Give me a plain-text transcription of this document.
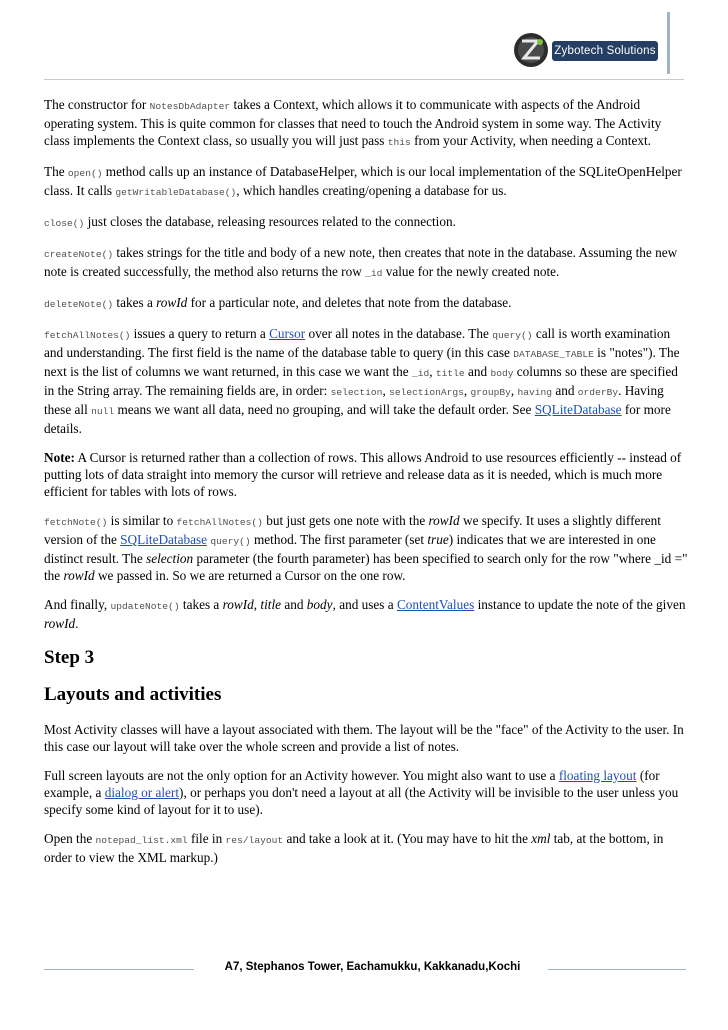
Zybotech Solutions

The constructor for NotesDbAdapter takes a Context, which allows it to communicate with aspects of the Android operating system. This is quite common for classes that need to touch the Android system in some way. The Activity class implements the Context class, so usually you will just pass this from your Activity, when needing a Context.

The open() method calls up an instance of DatabaseHelper, which is our local implementation of the SQLiteOpenHelper class. It calls getWritableDatabase(), which handles creating/opening a database for us.

close() just closes the database, releasing resources related to the connection.

createNote() takes strings for the title and body of a new note, then creates that note in the database. Assuming the new note is created successfully, the method also returns the row _id value for the newly created note.

deleteNote() takes a rowId for a particular note, and deletes that note from the database.

fetchAllNotes() issues a query to return a Cursor over all notes in the database. The query() call is worth examination and understanding. The first field is the name of the database table to query (in this case DATABASE_TABLE is "notes"). The next is the list of columns we want returned, in this case we want the _id, title and body columns so these are specified in the String array. The remaining fields are, in order: selection, selectionArgs, groupBy, having and orderBy. Having these all null means we want all data, need no grouping, and will take the default order. See SQLiteDatabase for more details.

Note: A Cursor is returned rather than a collection of rows. This allows Android to use resources efficiently -- instead of putting lots of data straight into memory the cursor will retrieve and release data as it is needed, which is much more efficient for tables with lots of rows.

fetchNote() is similar to fetchAllNotes() but just gets one note with the rowId we specify. It uses a slightly different version of the SQLiteDatabase query() method. The first parameter (set true) indicates that we are interested in one distinct result. The selection parameter (the fourth parameter) has been specified to search only for the row "where _id =" the rowId we passed in. So we are returned a Cursor on the one row.

And finally, updateNote() takes a rowId, title and body, and uses a ContentValues instance to update the note of the given rowId.

Step 3
Layouts and activities

Most Activity classes will have a layout associated with them. The layout will be the "face" of the Activity to the user. In this case our layout will take over the whole screen and provide a list of notes.

Full screen layouts are not the only option for an Activity however. You might also want to use a floating layout (for example, a dialog or alert), or perhaps you don't need a layout at all (the Activity will be invisible to the user unless you specify some kind of layout for it to use).

Open the notepad_list.xml file in res/layout and take a look at it. (You may have to hit the xml tab, at the bottom, in order to view the XML markup.)

A7, Stephanos Tower, Eachamukku, Kakkanadu,Kochi
